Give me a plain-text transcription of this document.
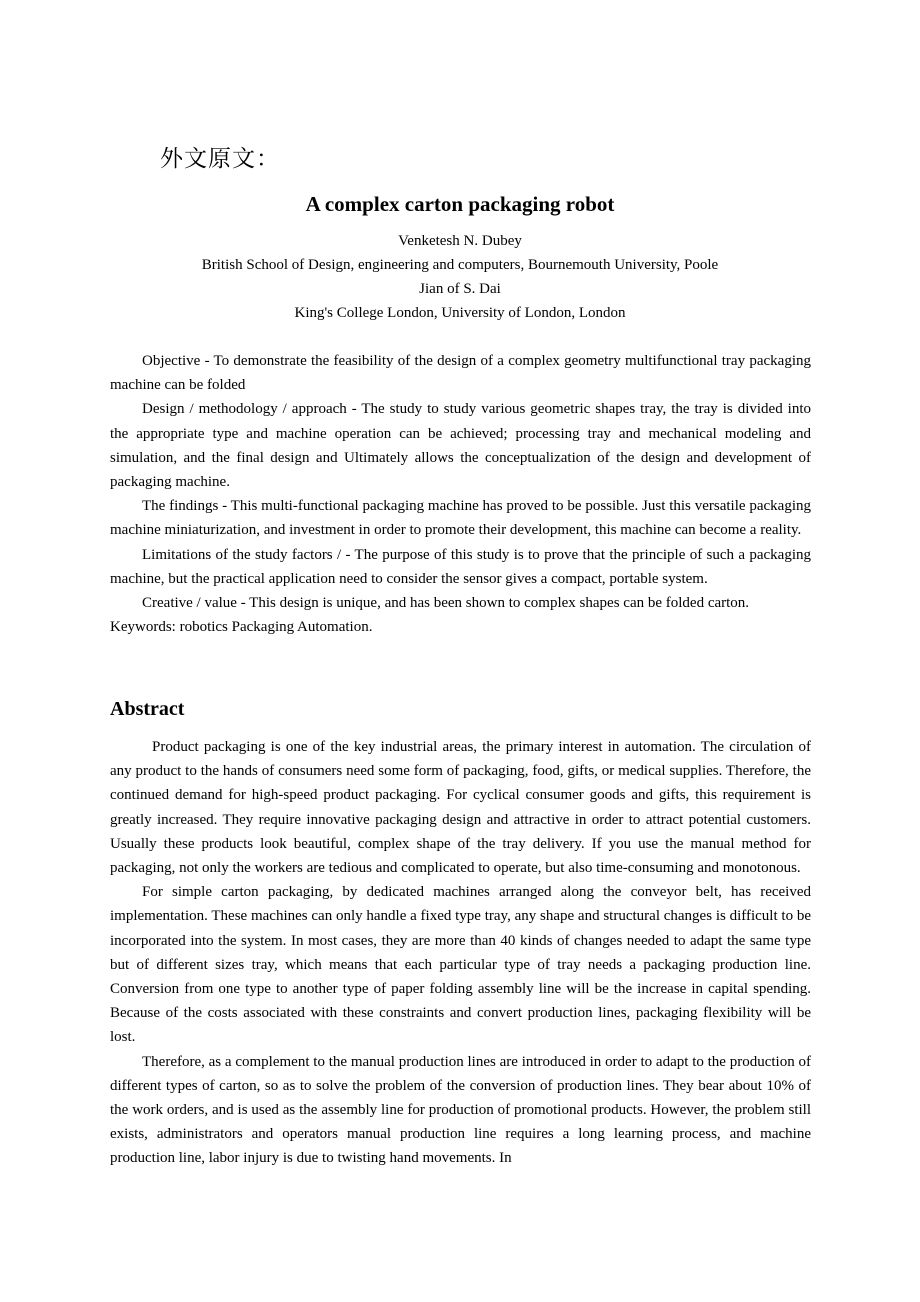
外文原文：
A complex carton packaging robot
Venketesh N. Dubey
British School of Design, engineering and computers, Bournemouth University, Poole
Jian of S. Dai
King's College London, University of London, London

Objective - To demonstrate the feasibility of the design of a complex geometry multifunctional tray packaging machine can be folded

Design / methodology / approach - The study to study various geometric shapes tray, the tray is divided into the appropriate type and machine operation can be achieved; processing tray and mechanical modeling and simulation, and the final design and Ultimately allows the conceptualization of the design and development of packaging machine.

The findings - This multi-functional packaging machine has proved to be possible. Just this versatile packaging machine miniaturization, and investment in order to promote their development, this machine can become a reality.

Limitations of the study factors / - The purpose of this study is to prove that the principle of such a packaging machine, but the practical application need to consider the sensor gives a compact, portable system.

Creative / value - This design is unique, and has been shown to complex shapes can be folded carton.

Keywords: robotics Packaging Automation.

Abstract

Product packaging is one of the key industrial areas, the primary interest in automation. The circulation of any product to the hands of consumers need some form of packaging, food, gifts, or medical supplies. Therefore, the continued demand for high-speed product packaging. For cyclical consumer goods and gifts, this requirement is greatly increased. They require innovative packaging design and attractive in order to attract potential customers. Usually these products look beautiful, complex shape of the tray delivery. If you use the manual method for packaging, not only the workers are tedious and complicated to operate, but also time-consuming and monotonous.

For simple carton packaging, by dedicated machines arranged along the conveyor belt, has received implementation. These machines can only handle a fixed type tray, any shape and structural changes is difficult to be incorporated into the system. In most cases, they are more than 40 kinds of changes needed to adapt the same type but of different sizes tray, which means that each particular type of tray needs a packaging production line. Conversion from one type to another type of paper folding assembly line will be the increase in capital spending. Because of the costs associated with these constraints and convert production lines, packaging flexibility will be lost.

Therefore, as a complement to the manual production lines are introduced in order to adapt to the production of different types of carton, so as to solve the problem of the conversion of production lines. They bear about 10% of the work orders, and is used as the assembly line for production of promotional products. However, the problem still exists, administrators and operators manual production line requires a long learning process, and machine production line, labor injury is due to twisting hand movements. In
